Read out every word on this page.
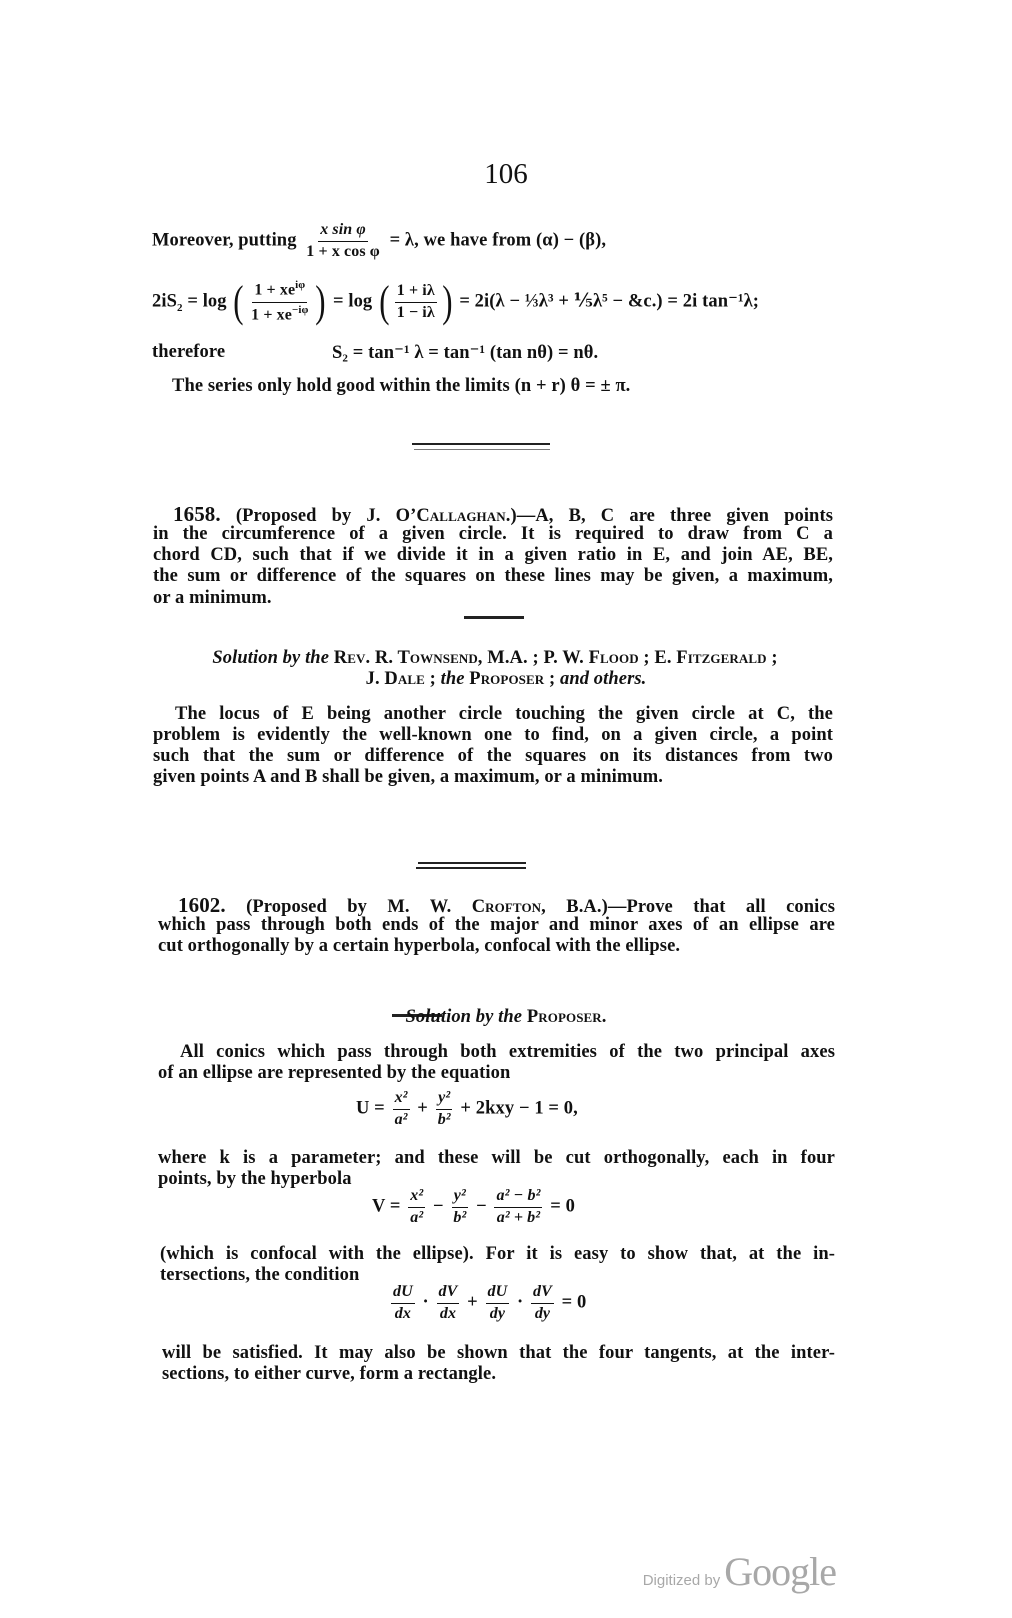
106
Moreover, putting $\frac{\text{x sin φ}}{\text{1 + x cos φ}} = \lambda$, we have from (α) − (β),
$2iS_2 = \log$ ( $\frac{1 + xe^{i\varphi}}{1 + xe^{-i\varphi}}$ ) = log ( $\frac{1 + i\lambda}{1 - i\lambda}$ ) = 2i(λ − ⅓λ³ + ⅕λ⁵ − &c.) = 2i tan⁻¹λ;
therefore	S₂ = tan⁻¹ λ = tan⁻¹ (tan nθ) = nθ.
The series only hold good within the limits (n + r) θ = ± π.
1658. (Proposed by J. O’Callaghan.)—A, B, C are three given points
in the circumference of a given circle. It is required to draw from C a
chord CD, such that if we divide it in a given ratio in E, and join AE, BE,
the sum or difference of the squares on these lines may be given, a maximum,
or a minimum.
Solution by the Rev. R. Townsend, M.A. ; P. W. Flood ; E. Fitzgerald ;
J. Dale ; the Proposer ; and others.
The locus of E being another circle touching the given circle at C, the
problem is evidently the well-known one to find, on a given circle, a point
such that the sum or difference of the squares on its distances from two
given points A and B shall be given, a maximum, or a minimum.
1602. (Proposed by M. W. Crofton, B.A.)—Prove that all conics
which pass through both ends of the major and minor axes of an ellipse are
cut orthogonally by a certain hyperbola, confocal with the ellipse.
Solution by the Proposer.
All conics which pass through both extremities of the two principal axes
of an ellipse are represented by the equation
$U = \frac{\text{x²}}{\text{a²}} + \frac{\text{y²}}{\text{b²}} + 2kxy - 1 = 0$,
where k is a parameter; and these will be cut orthogonally, each in four
points, by the hyperbola
$V = \frac{\text{x²}}{\text{a²}} - \frac{\text{y²}}{\text{b²}} - \frac{\text{a² − b²}}{\text{a² + b²}} = 0$
(which is confocal with the ellipse). For it is easy to show that, at the in-
tersections, the condition
$\frac{dU}{dx} \cdot \frac{dV}{dx} + \frac{dU}{dy} \cdot \frac{dV}{dy} = 0$
will be satisfied. It may also be shown that the four tangents, at the inter-
sections, to either curve, form a rectangle.
Digitized by Google
